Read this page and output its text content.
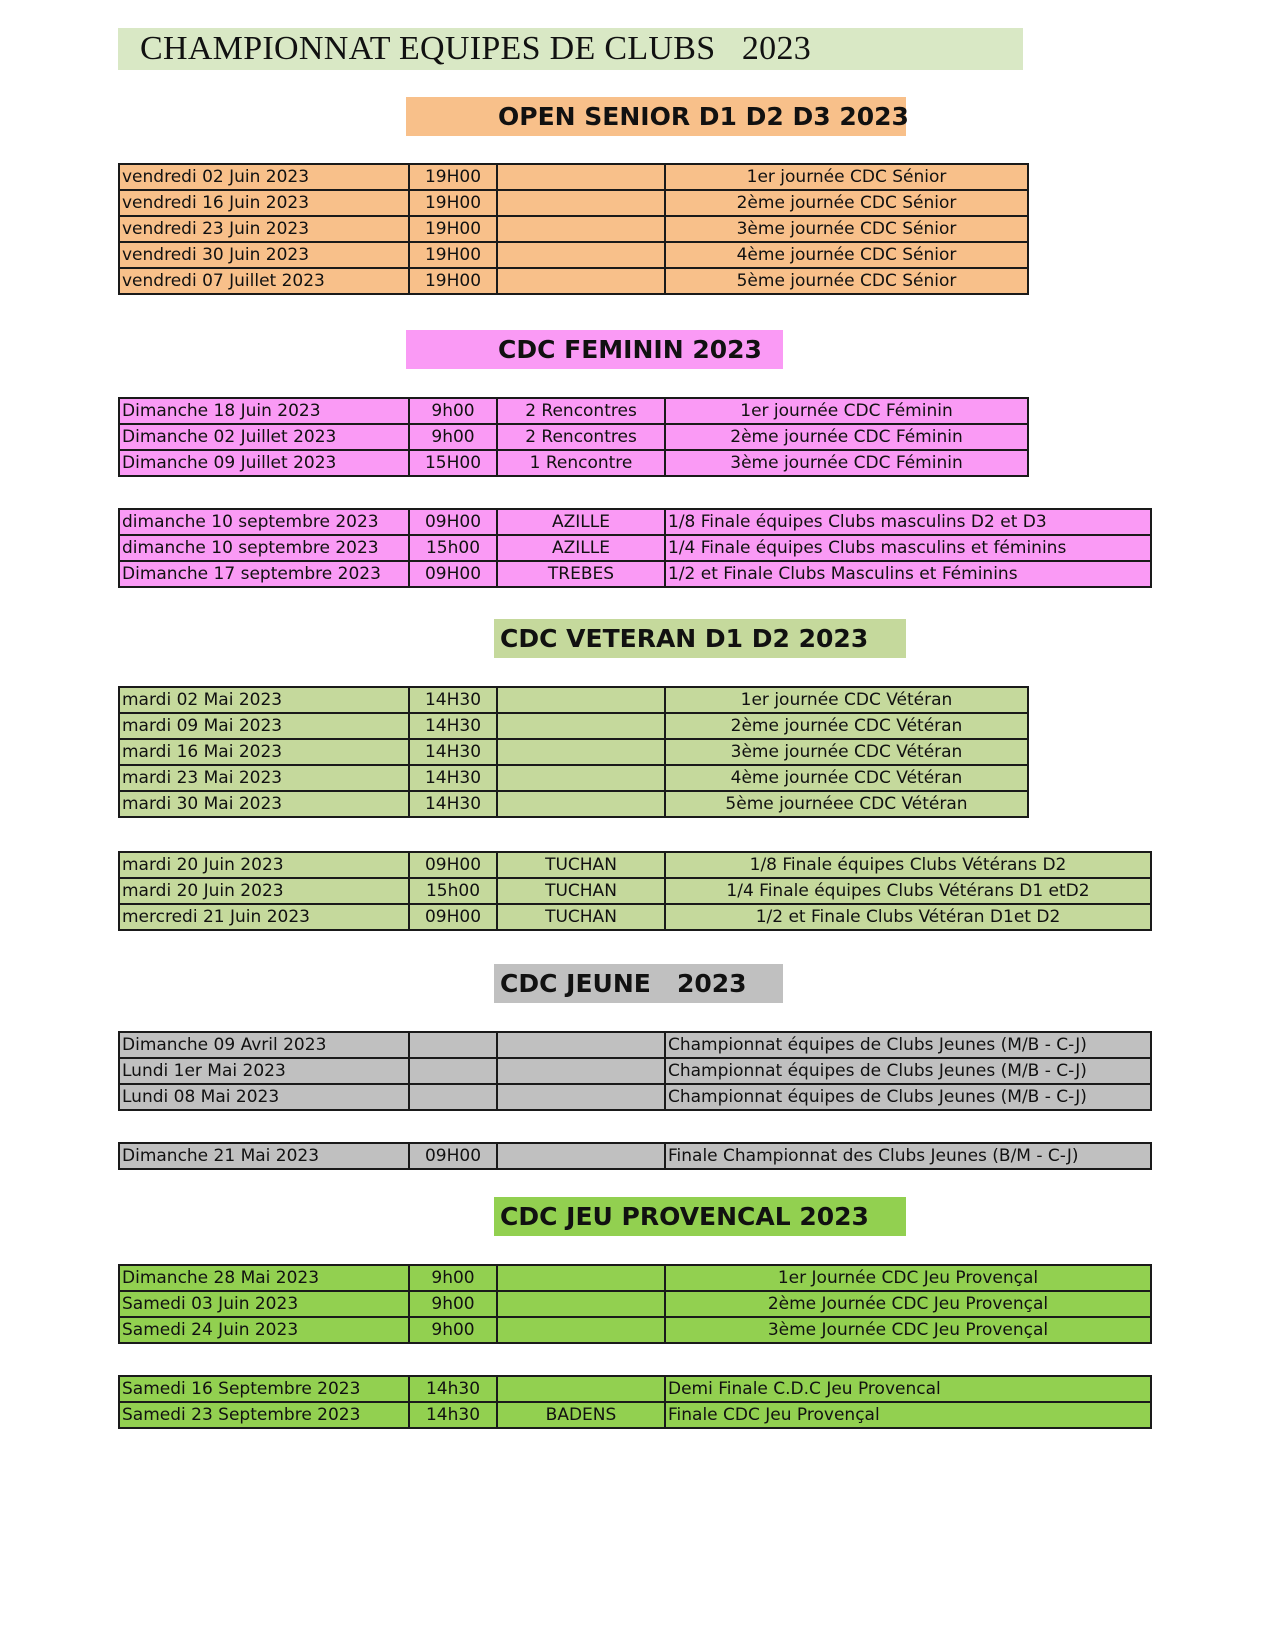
CHAMPIONNAT EQUIPES DE CLUBS   2023
OPEN SENIOR D1 D2 D3 2023
vendredi 02 Juin 2023	19H00		1er journée CDC Sénior
vendredi 16 Juin 2023	19H00		2ème journée CDC Sénior
vendredi 23 Juin 2023	19H00		3ème journée CDC Sénior
vendredi 30 Juin 2023	19H00		4ème journée CDC Sénior
vendredi 07 Juillet 2023	19H00		5ème journée CDC Sénior
CDC FEMININ 2023
Dimanche 18 Juin 2023	9h00	2 Rencontres	1er journée CDC Féminin
Dimanche 02 Juillet 2023	9h00	2 Rencontres	2ème journée CDC Féminin
Dimanche 09 Juillet 2023	15H00	1 Rencontre	3ème journée CDC Féminin
dimanche 10 septembre 2023	09H00	AZILLE	1/8 Finale équipes Clubs masculins D2 et D3
dimanche 10 septembre 2023	15h00	AZILLE	1/4 Finale équipes Clubs masculins et féminins
Dimanche 17 septembre 2023	09H00	TREBES	1/2 et Finale Clubs Masculins et Féminins
CDC VETERAN D1 D2 2023
mardi 02 Mai 2023	14H30		1er journée CDC Vétéran
mardi 09 Mai 2023	14H30		2ème journée CDC Vétéran
mardi 16 Mai 2023	14H30		3ème journée CDC Vétéran
mardi 23 Mai 2023	14H30		4ème journée CDC Vétéran
mardi 30 Mai 2023	14H30		5ème journéee CDC Vétéran
mardi 20 Juin 2023	09H00	TUCHAN	1/8 Finale équipes Clubs Vétérans D2
mardi 20 Juin 2023	15h00	TUCHAN	1/4 Finale équipes Clubs Vétérans D1 etD2
mercredi 21 Juin 2023	09H00	TUCHAN	1/2 et Finale Clubs Vétéran D1et D2
CDC JEUNE   2023
Dimanche 09 Avril 2023			Championnat équipes de Clubs Jeunes (M/B - C-J)
Lundi 1er Mai 2023			Championnat équipes de Clubs Jeunes (M/B - C-J)
Lundi 08 Mai 2023			Championnat équipes de Clubs Jeunes (M/B - C-J)
Dimanche 21 Mai 2023	09H00		Finale Championnat des Clubs Jeunes (B/M - C-J)
CDC JEU PROVENCAL 2023
Dimanche 28 Mai 2023	9h00		1er Journée CDC Jeu Provençal
Samedi 03 Juin 2023	9h00		2ème Journée CDC Jeu Provençal
Samedi 24 Juin 2023	9h00		3ème Journée CDC Jeu Provençal
Samedi 16 Septembre 2023	14h30		Demi Finale C.D.C Jeu Provencal
Samedi 23 Septembre 2023	14h30	BADENS	Finale CDC Jeu Provençal
